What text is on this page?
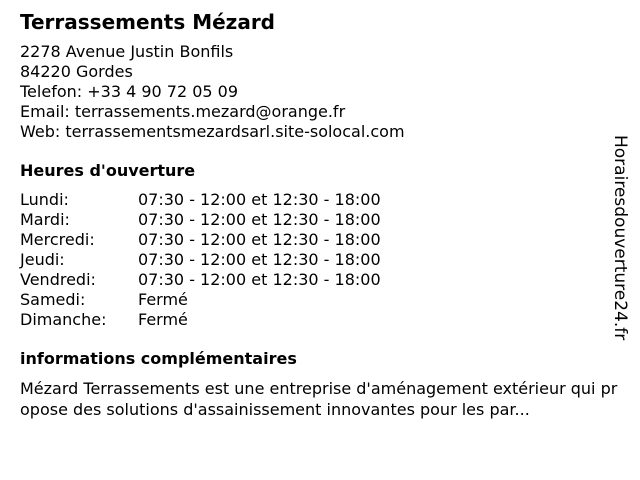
Terrassements Mézard
2278 Avenue Justin Bonfils
84220 Gordes
Telefon: +33 4 90 72 05 09
Email: terrassements.mezard@orange.fr
Web: terrassementsmezardsarl.site-solocal.com
Heures d'ouverture
Lundi:	07:30 - 12:00 et 12:30 - 18:00
Mardi:	07:30 - 12:00 et 12:30 - 18:00
Mercredi:	07:30 - 12:00 et 12:30 - 18:00
Jeudi:	07:30 - 12:00 et 12:30 - 18:00
Vendredi:	07:30 - 12:00 et 12:30 - 18:00
Samedi:	Fermé
Dimanche:	Fermé
informations complémentaires
Mézard Terrassements est une entreprise d'aménagement extérieur qui propose des solutions d'assainissement innovantes pour les par...
Horairesdouverture24.fr
